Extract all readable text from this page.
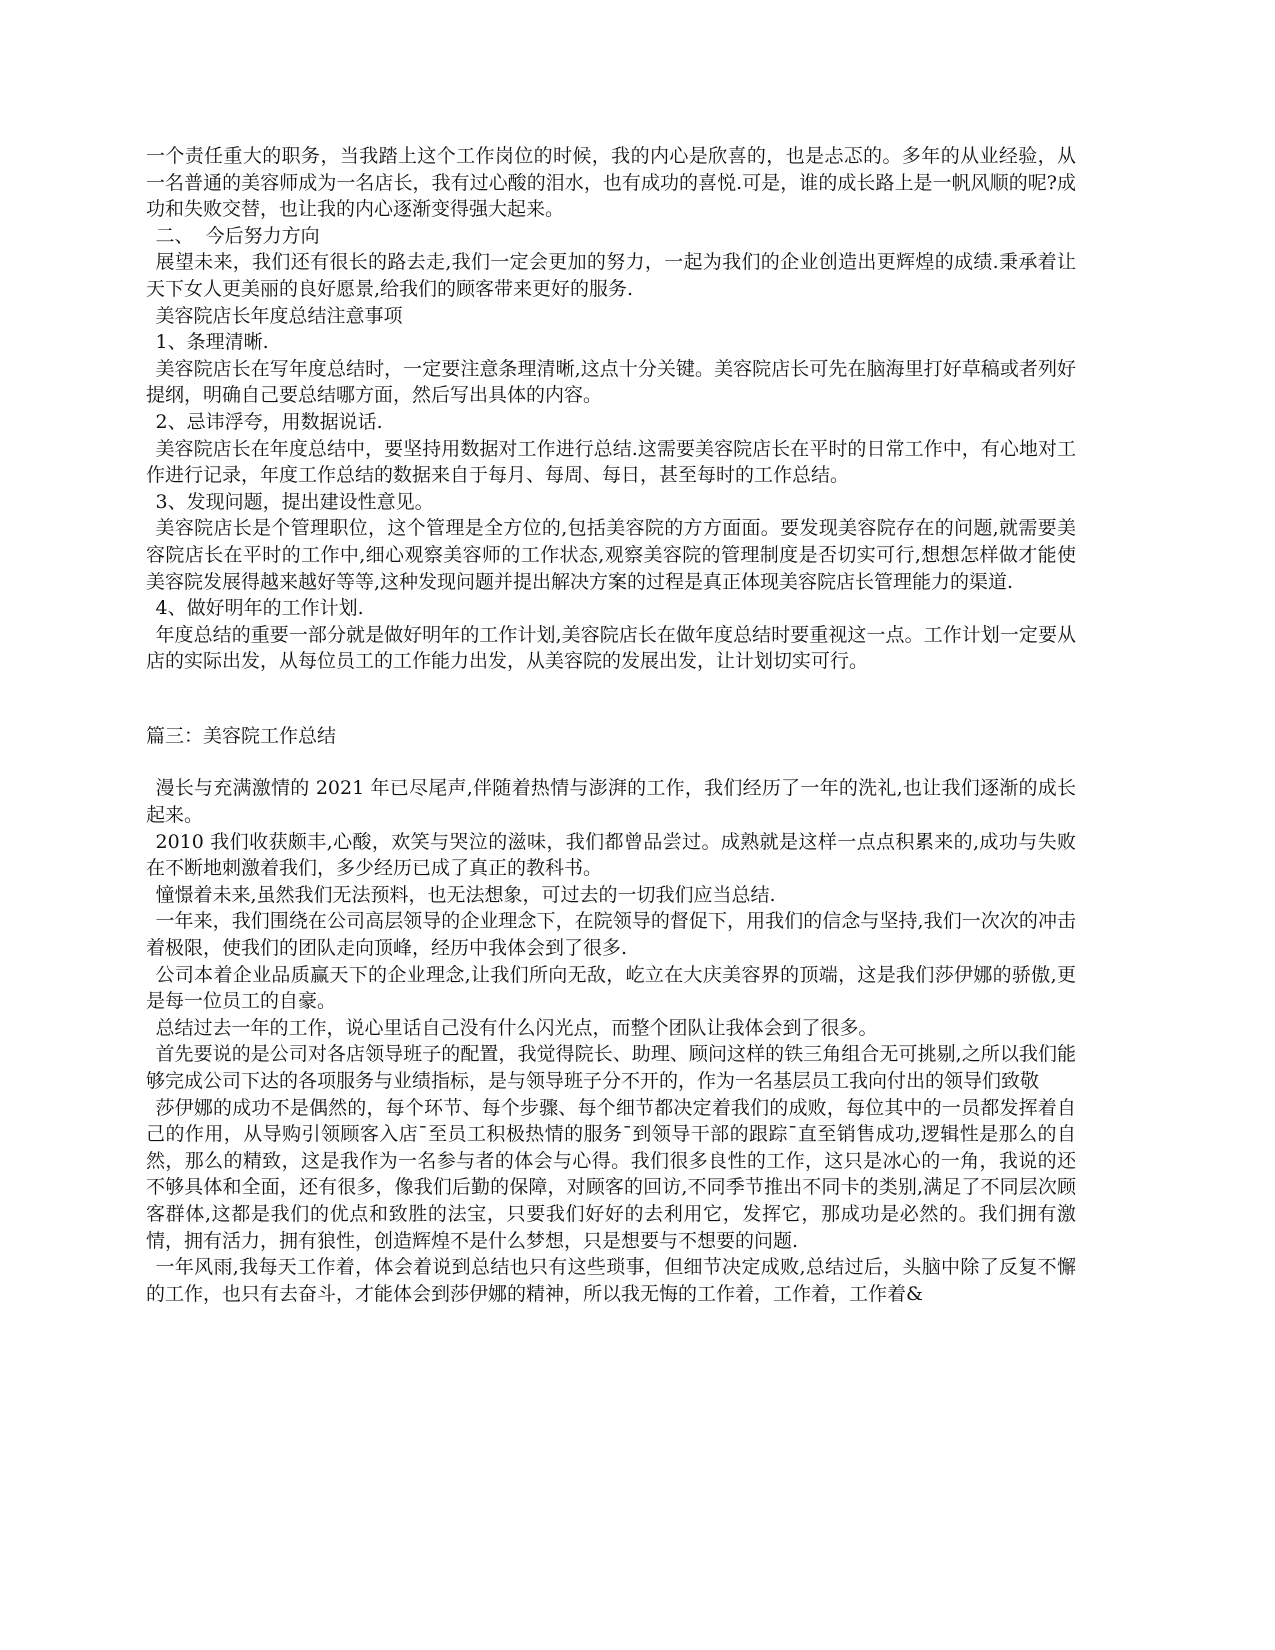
一个责任重大的职务，当我踏上这个工作岗位的时候，我的内心是欣喜的，也是忐忑的。多年的从业经验，从一名普通的美容师成为一名店长，我有过心酸的泪水，也有成功的喜悦.可是，谁的成长路上是一帆风顺的呢?成功和失败交替，也让我的内心逐渐变得强大起来。

二、  今后努力方向

展望未来，我们还有很长的路去走,我们一定会更加的努力，一起为我们的企业创造出更辉煌的成绩.秉承着让天下女人更美丽的良好愿景,给我们的顾客带来更好的服务.

美容院店长年度总结注意事项

1、条理清晰.

美容院店长在写年度总结时，一定要注意条理清晰,这点十分关键。美容院店长可先在脑海里打好草稿或者列好提纲，明确自己要总结哪方面，然后写出具体的内容。

2、忌讳浮夸，用数据说话.

美容院店长在年度总结中，要坚持用数据对工作进行总结.这需要美容院店长在平时的日常工作中，有心地对工作进行记录，年度工作总结的数据来自于每月、每周、每日，甚至每时的工作总结。

3、发现问题，提出建设性意见。

美容院店长是个管理职位，这个管理是全方位的,包括美容院的方方面面。要发现美容院存在的问题,就需要美容院店长在平时的工作中,细心观察美容师的工作状态,观察美容院的管理制度是否切实可行,想想怎样做才能使美容院发展得越来越好等等,这种发现问题并提出解决方案的过程是真正体现美容院店长管理能力的渠道.

4、做好明年的工作计划.

年度总结的重要一部分就是做好明年的工作计划,美容院店长在做年度总结时要重视这一点。工作计划一定要从店的实际出发，从每位员工的工作能力出发，从美容院的发展出发，让计划切实可行。

篇三：美容院工作总结

漫长与充满激情的 2021 年已尽尾声,伴随着热情与澎湃的工作，我们经历了一年的洗礼,也让我们逐渐的成长起来。

2010 我们收获颇丰,心酸，欢笑与哭泣的滋味，我们都曾品尝过。成熟就是这样一点点积累来的,成功与失败在不断地刺激着我们，多少经历已成了真正的教科书。

憧憬着未来,虽然我们无法预料，也无法想象，可过去的一切我们应当总结.

一年来，我们围绕在公司高层领导的企业理念下，在院领导的督促下，用我们的信念与坚持,我们一次次的冲击着极限，使我们的团队走向顶峰，经历中我体会到了很多.

公司本着企业品质赢天下的企业理念,让我们所向无敌，屹立在大庆美容界的顶端，这是我们莎伊娜的骄傲,更是每一位员工的自豪。

总结过去一年的工作，说心里话自己没有什么闪光点，而整个团队让我体会到了很多。

首先要说的是公司对各店领导班子的配置，我觉得院长、助理、顾问这样的铁三角组合无可挑剔,之所以我们能够完成公司下达的各项服务与业绩指标，是与领导班子分不开的，作为一名基层员工我向付出的领导们致敬

莎伊娜的成功不是偶然的，每个环节、每个步骤、每个细节都决定着我们的成败，每位其中的一员都发挥着自己的作用，从导购引领顾客入店¯至员工积极热情的服务¯到领导干部的跟踪¯直至销售成功,逻辑性是那么的自然，那么的精致，这是我作为一名参与者的体会与心得。我们很多良性的工作，这只是冰心的一角，我说的还不够具体和全面，还有很多，像我们后勤的保障，对顾客的回访,不同季节推出不同卡的类别,满足了不同层次顾客群体,这都是我们的优点和致胜的法宝，只要我们好好的去利用它，发挥它，那成功是必然的。我们拥有激情，拥有活力，拥有狼性，创造辉煌不是什么梦想，只是想要与不想要的问题.

一年风雨,我每天工作着，体会着说到总结也只有这些琐事，但细节决定成败,总结过后，头脑中除了反复不懈的工作，也只有去奋斗，才能体会到莎伊娜的精神，所以我无悔的工作着，工作着，工作着&
